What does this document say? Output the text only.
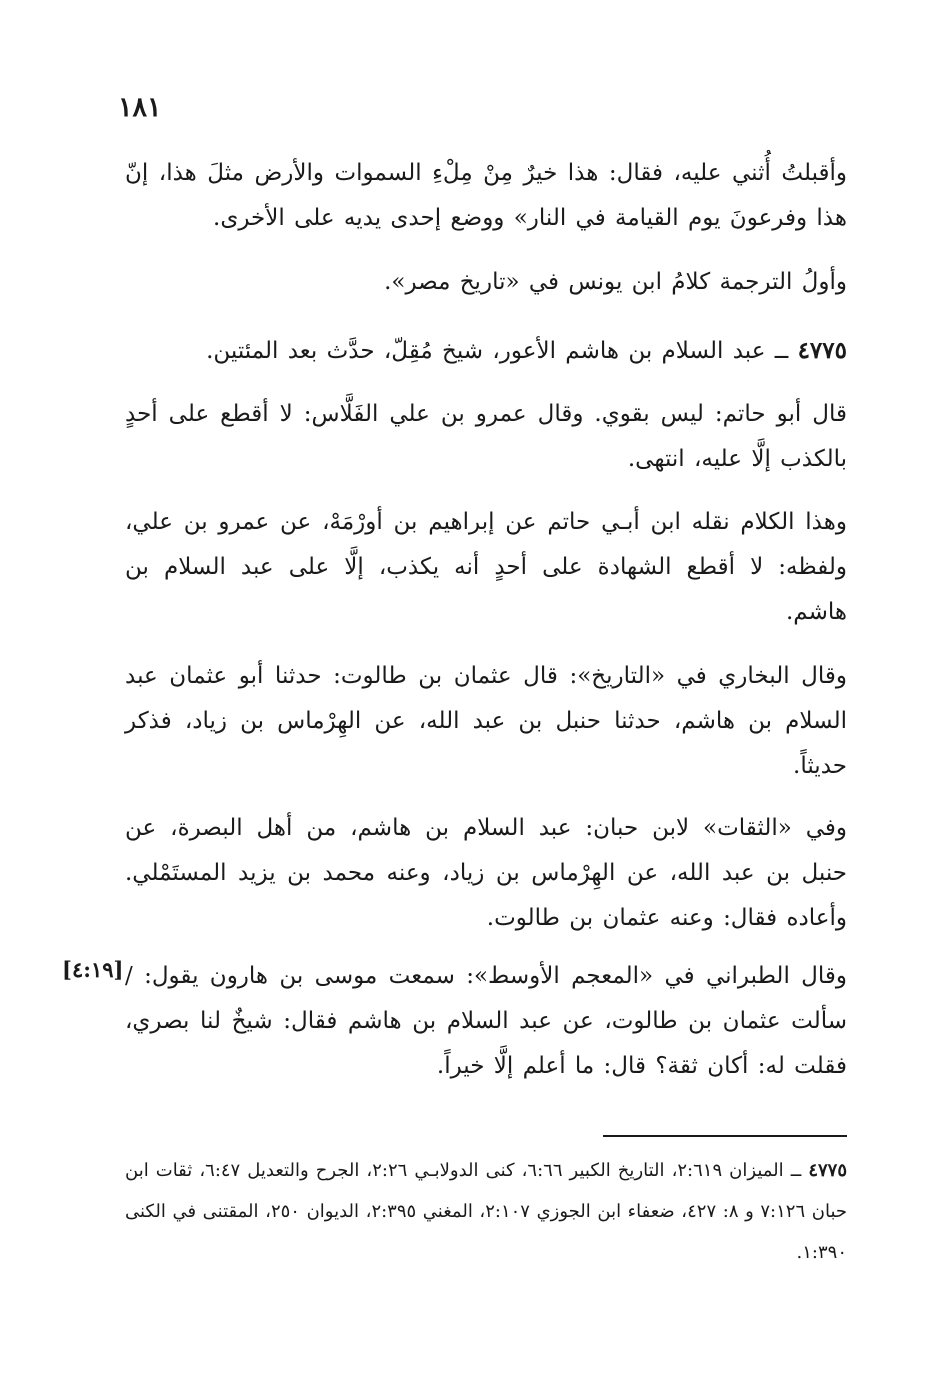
١٨١

وأقبلتُ أُثني عليه، فقال: هذا خيرٌ مِنْ مِلْءِ السموات والأرض مثلَ هذا، إنّ هذا وفرعونَ يوم القيامة في النار» ووضع إحدى يديه على الأخرى.

وأولُ الترجمة كلامُ ابن يونس في «تاريخ مصر».

٤٧٧٥ ــ عبد السلام بن هاشم الأعور، شيخ مُقِلّ، حدَّث بعد المئتين.

قال أبو حاتم: ليس بقوي. وقال عمرو بن علي الفَلَّاس: لا أقطع على أحدٍ بالكذب إلَّا عليه، انتهى.

وهذا الكلام نقله ابن أبـي حاتم عن إبراهيم بن أورْمَهْ، عن عمرو بن علي، ولفظه: لا أقطع الشهادة على أحدٍ أنه يكذب، إلَّا على عبد السلام بن هاشم.

وقال البخاري في «التاريخ»: قال عثمان بن طالوت: حدثنا أبو عثمان عبد السلام بن هاشم، حدثنا حنبل بن عبد الله، عن الهِرْماس بن زياد، فذكر حديثاً.

وفي «الثقات» لابن حبان: عبد السلام بن هاشم، من أهل البصرة، عن حنبل بن عبد الله، عن الهِرْماس بن زياد، وعنه محمد بن يزيد المستَمْلي. وأعاده فقال: وعنه عثمان بن طالوت.

وقال الطبراني في «المعجم الأوسط»: سمعت موسى بن هارون يقول: / سألت عثمان بن طالوت، عن عبد السلام بن هاشم فقال: شيخٌ لنا بصري، فقلت له: أكان ثقة؟ قال: ما أعلم إلَّا خيراً.

[٤:١٩]
٤٧٧٥ ــ الميزان ٢:٦١٩، التاريخ الكبير ٦:٦٦، كنى الدولابـي ٢:٢٦، الجرح والتعديل ٦:٤٧، ثقات ابن حبان ٧:١٢٦ و ٨: ٤٢٧، ضعفاء ابن الجوزي ٢:١٠٧، المغني ٢:٣٩٥، الديوان ٢٥٠، المقتنى في الكنى ١:٣٩٠.
